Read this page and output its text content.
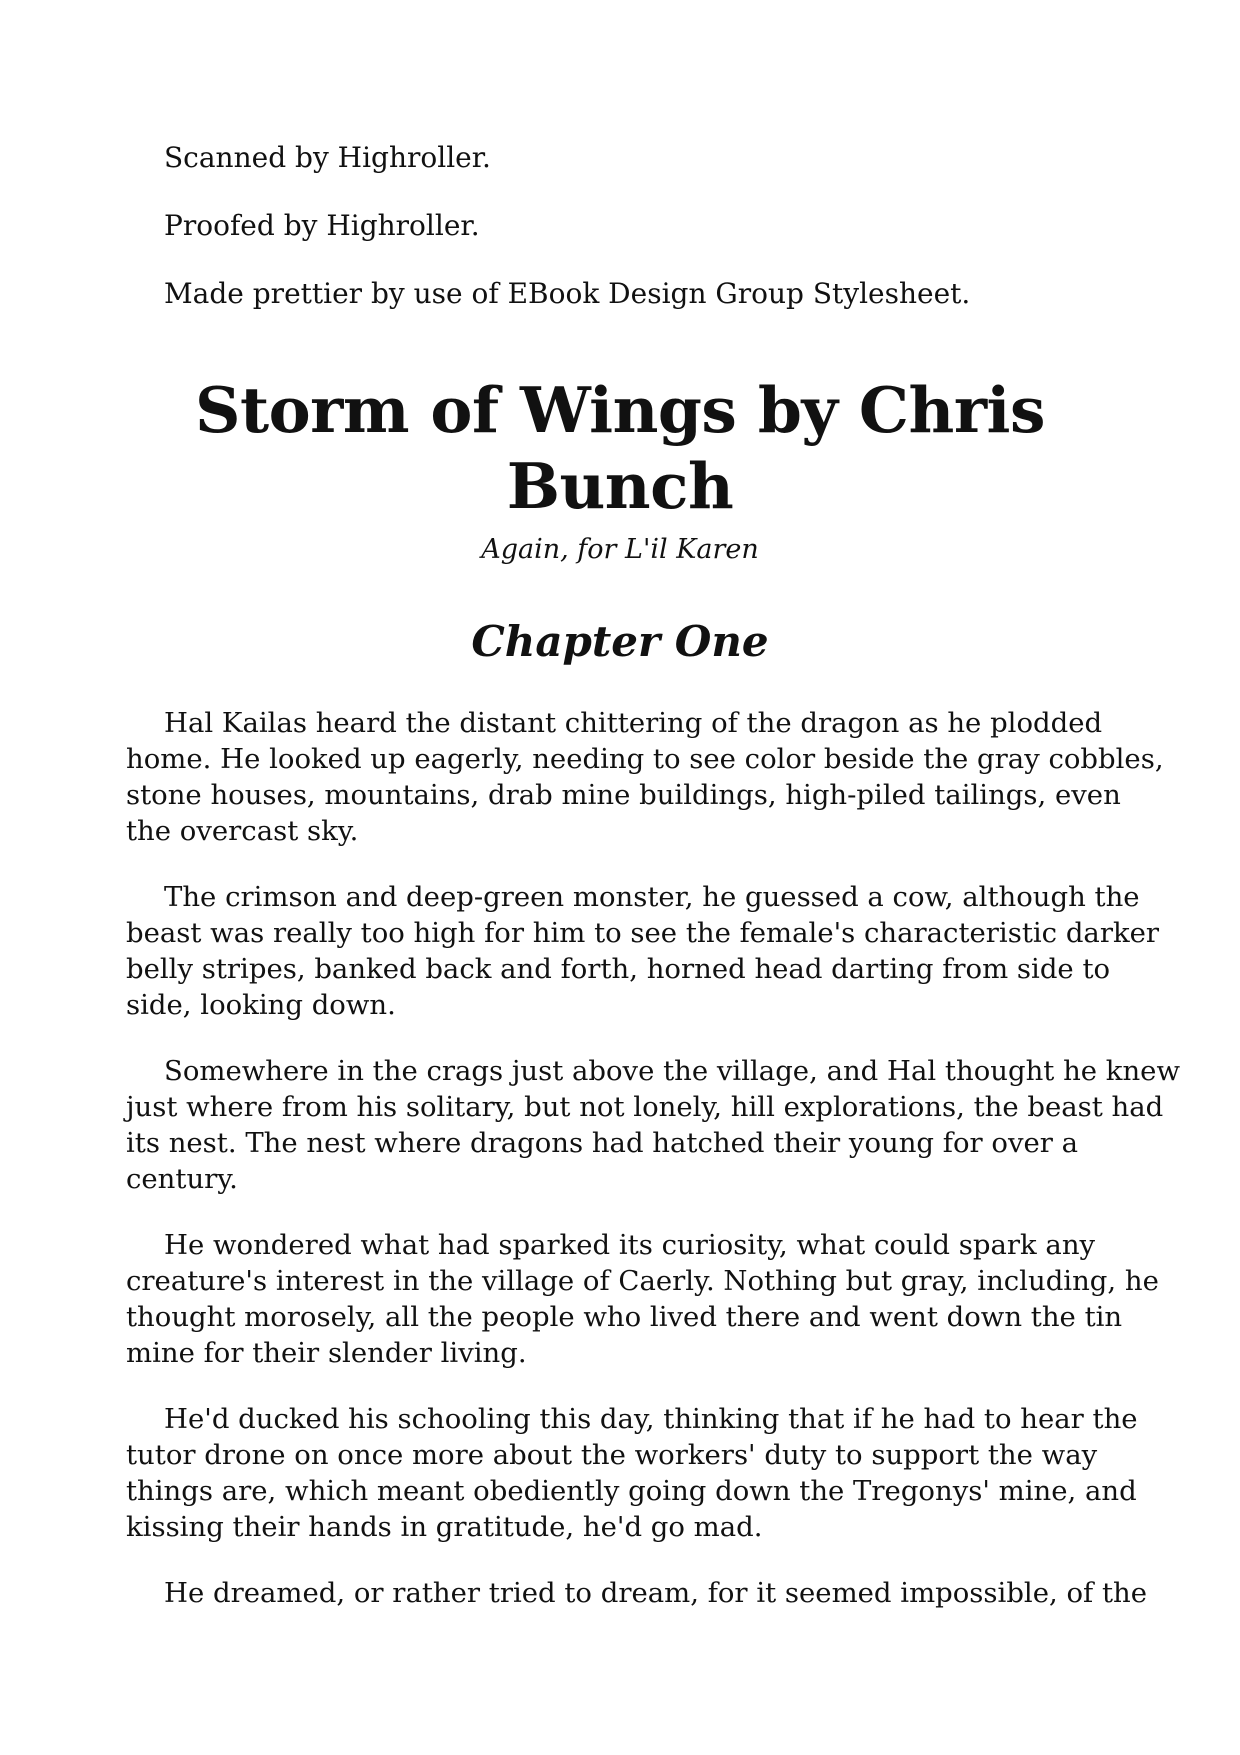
Scanned by Highroller.

Proofed by Highroller.

Made prettier by use of EBook Design Group Stylesheet.

Storm of Wings by Chris
Bunch

Again, for L'il Karen

Chapter One
Hal Kailas heard the distant chittering of the dragon as he plodded
home. He looked up eagerly, needing to see color beside the gray cobbles,
stone houses, mountains, drab mine buildings, high-piled tailings, even
the overcast sky.
The crimson and deep-green monster, he guessed a cow, although the
beast was really too high for him to see the female's characteristic darker
belly stripes, banked back and forth, horned head darting from side to
side, looking down.
Somewhere in the crags just above the village, and Hal thought he knew
just where from his solitary, but not lonely, hill explorations, the beast had
its nest. The nest where dragons had hatched their young for over a
century.
He wondered what had sparked its curiosity, what could spark any
creature's interest in the village of Caerly. Nothing but gray, including, he
thought morosely, all the people who lived there and went down the tin
mine for their slender living.
He'd ducked his schooling this day, thinking that if he had to hear the
tutor drone on once more about the workers' duty to support the way
things are, which meant obediently going down the Tregonys' mine, and
kissing their hands in gratitude, he'd go mad.
He dreamed, or rather tried to dream, for it seemed impossible, of the
